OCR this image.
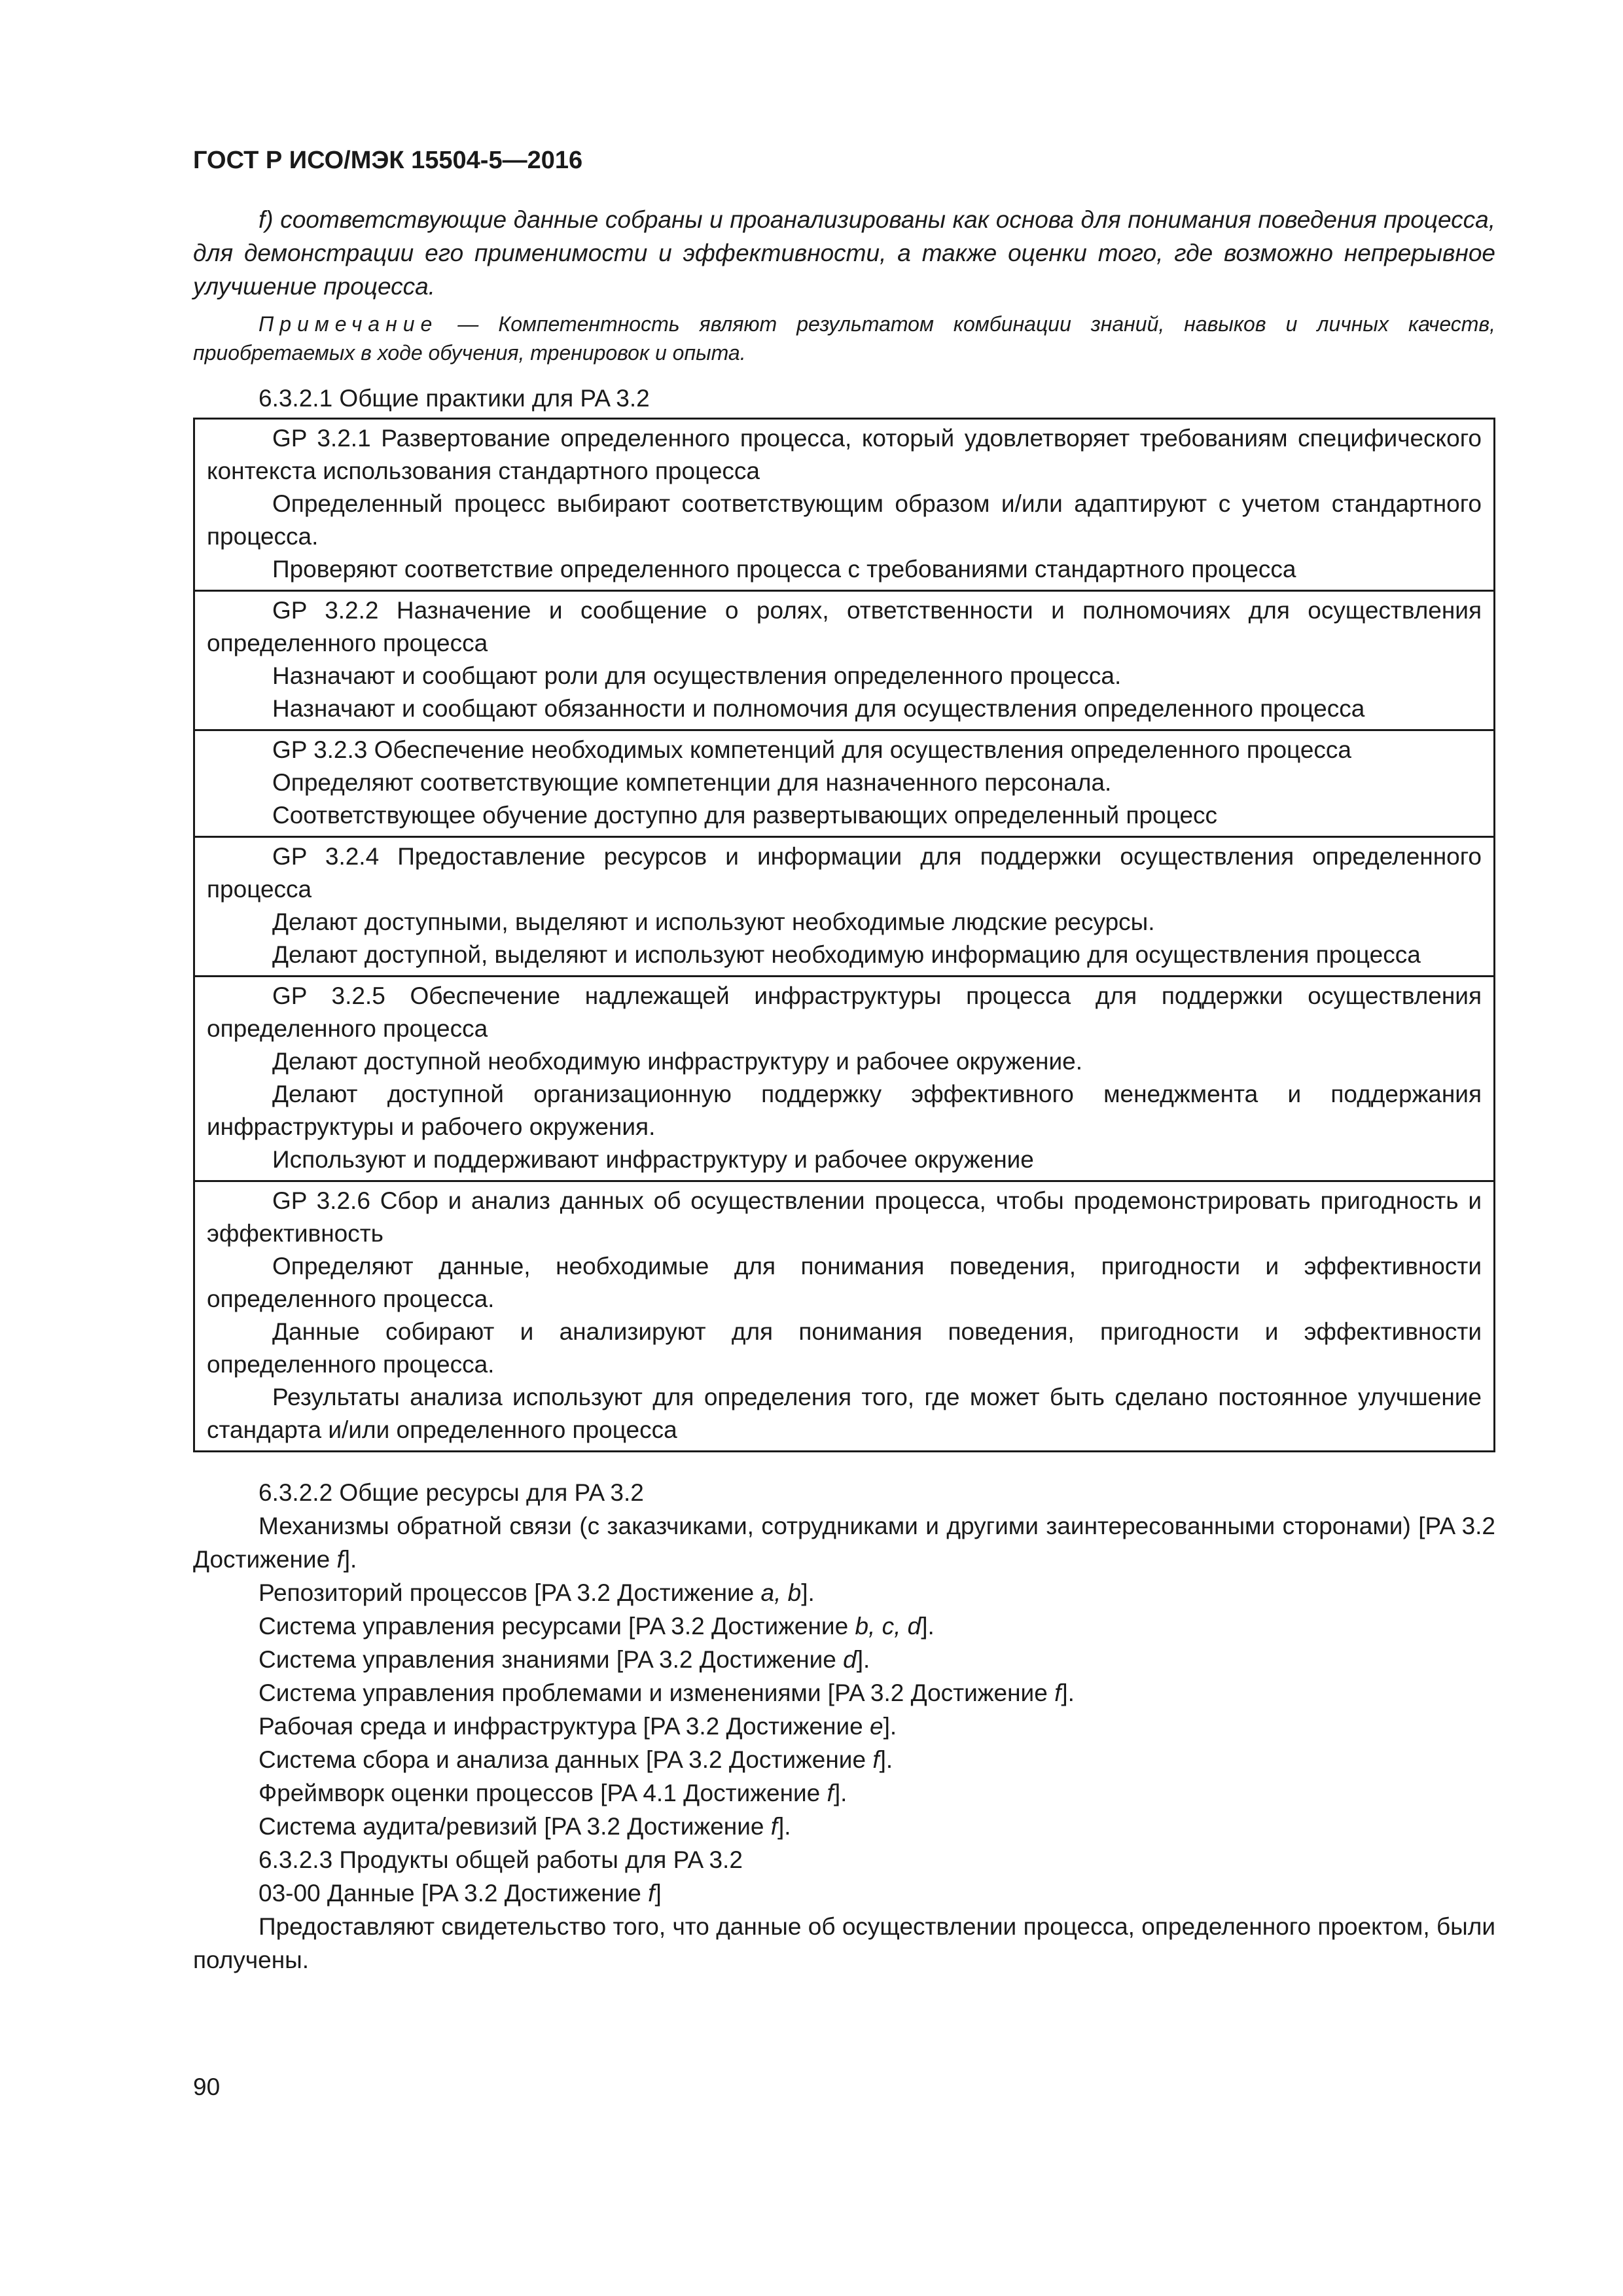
ГОСТ Р ИСО/МЭК 15504-5—2016

f) соответствующие данные собраны и проанализированы как основа для понимания поведения процесса, для демонстрации его применимости и эффективности, а также оценки того, где возможно непрерывное улучшение процесса.

Примечание — Компетентность являют результатом комбинации знаний, навыков и личных качеств, приобретаемых в ходе обучения, тренировок и опыта.

6.3.2.1 Общие практики для PA 3.2

GP 3.2.1 Развертование определенного процесса, который удовлетворяет требованиям специфического контекста использования стандартного процесса

Определенный процесс выбирают соответствующим образом и/или адаптируют с учетом стандартного процесса.

Проверяют соответствие определенного процесса с требованиями стандартного процесса

GP 3.2.2 Назначение и сообщение о ролях, ответственности и полномочиях для осуществления определенного процесса

Назначают и сообщают роли для осуществления определенного процесса.

Назначают и сообщают обязанности и полномочия для осуществления определенного процесса

GP 3.2.3 Обеспечение необходимых компетенций для осуществления определенного процесса

Определяют соответствующие компетенции для назначенного персонала.

Соответствующее обучение доступно для развертывающих определенный процесс

GP 3.2.4 Предоставление ресурсов и информации для поддержки осуществления определенного процесса

Делают доступными, выделяют и используют необходимые людские ресурсы.

Делают доступной, выделяют и используют необходимую информацию для осуществления процесса

GP 3.2.5 Обеспечение надлежащей инфраструктуры процесса для поддержки осуществления определенного процесса

Делают доступной необходимую инфраструктуру и рабочее окружение.

Делают доступной организационную поддержку эффективного менеджмента и поддержания инфраструктуры и рабочего окружения.

Используют и поддерживают инфраструктуру и рабочее окружение

GP 3.2.6 Сбор и анализ данных об осуществлении процесса, чтобы продемонстрировать пригодность и эффективность

Определяют данные, необходимые для понимания поведения, пригодности и эффективности определенного процесса.

Данные собирают и анализируют для понимания поведения, пригодности и эффективности определенного процесса.

Результаты анализа используют для определения того, где может быть сделано постоянное улучшение стандарта и/или определенного процесса

6.3.2.2 Общие ресурсы для PA 3.2

Механизмы обратной связи (с заказчиками, сотрудниками и другими заинтересованными сторонами) [PA 3.2 Достижение f].

Репозиторий процессов [PA 3.2 Достижение a, b].

Система управления ресурсами [PA 3.2 Достижение b, c, d].

Система управления знаниями [PA 3.2 Достижение d].

Система управления проблемами и изменениями [PA 3.2 Достижение f].

Рабочая среда и инфраструктура [PA 3.2 Достижение e].

Система сбора и анализа данных [PA 3.2 Достижение f].

Фреймворк оценки процессов [PA 4.1 Достижение f].

Система аудита/ревизий [PA 3.2 Достижение f].

6.3.2.3 Продукты общей работы для PA 3.2

03-00 Данные [PA 3.2 Достижение f]

Предоставляют свидетельство того, что данные об осуществлении процесса, определенного проектом, были получены.

90
